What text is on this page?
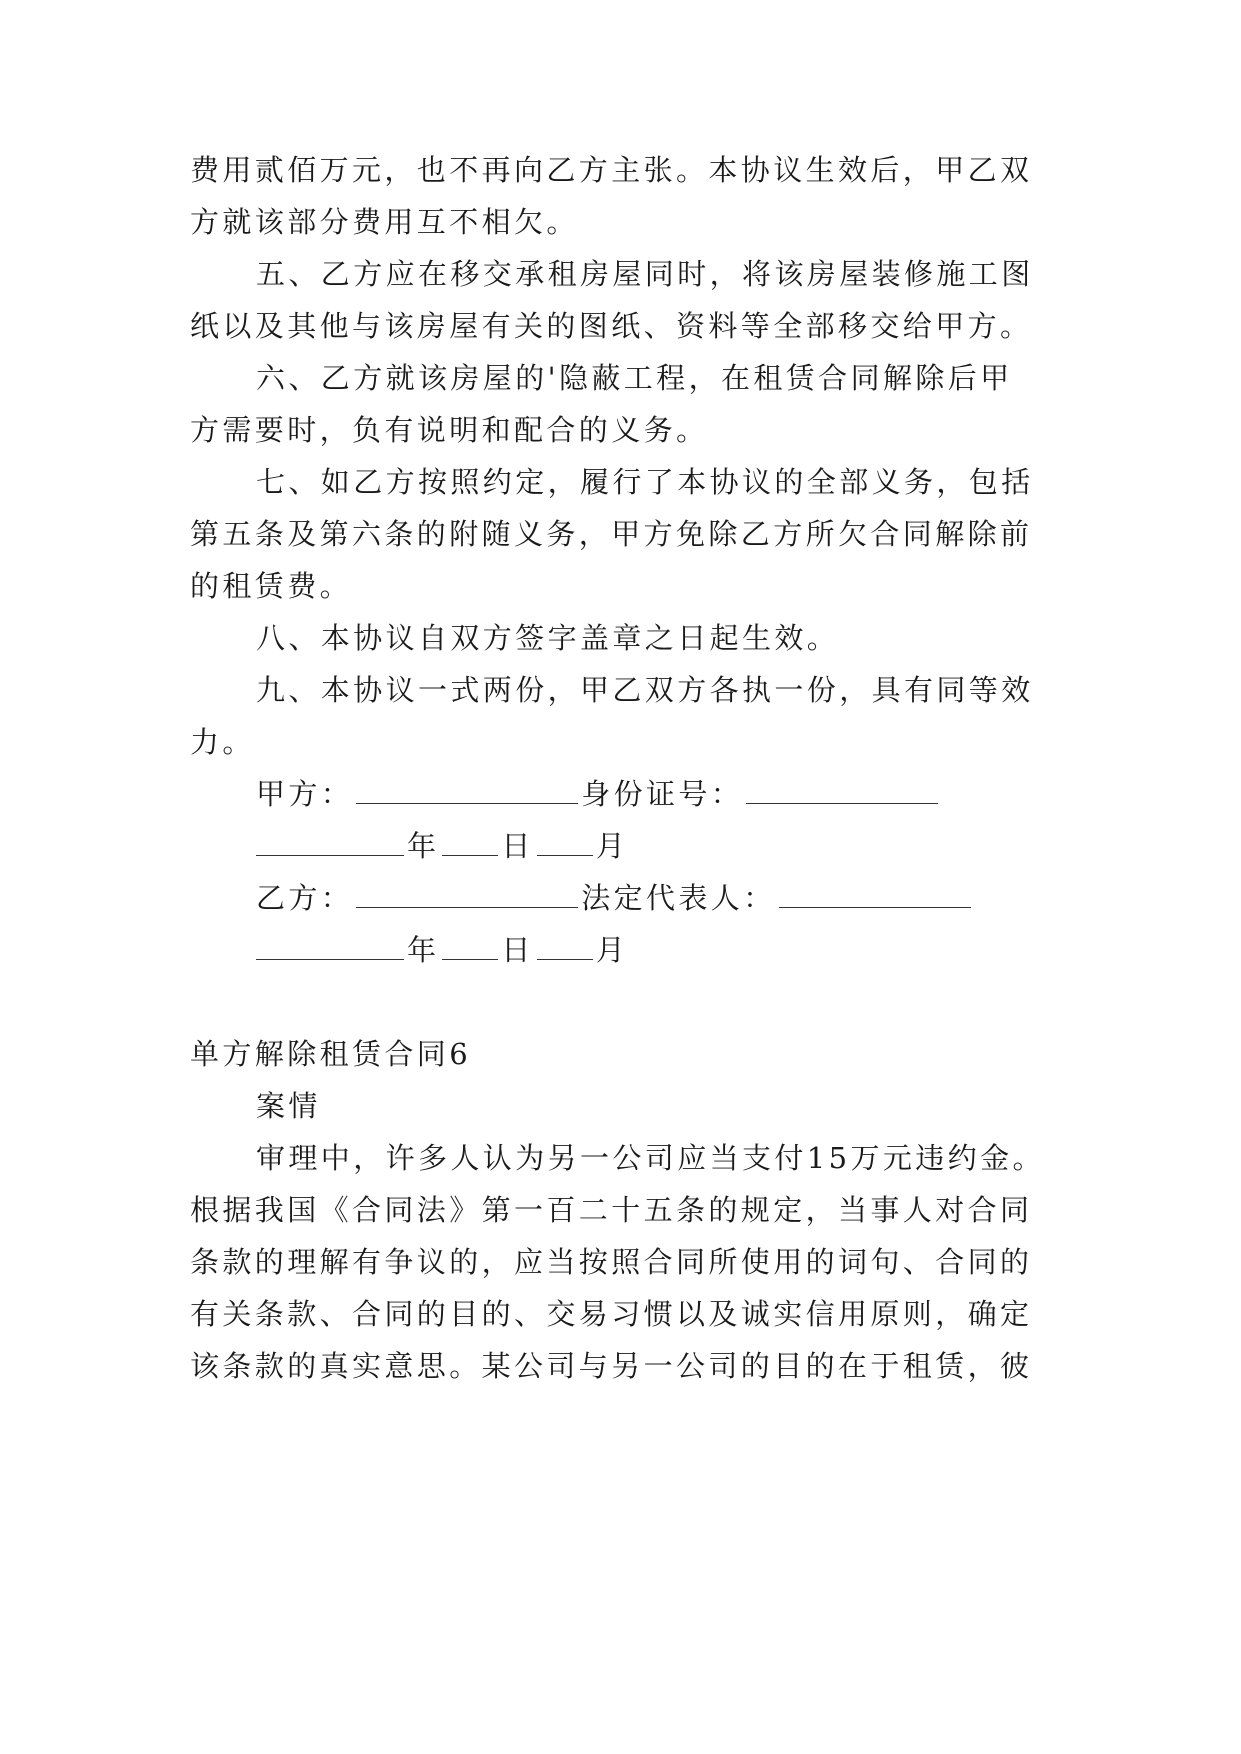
费用贰佰万元，也不再向乙方主张。本协议生效后，甲乙双
方就该部分费用互不相欠。
五、乙方应在移交承租房屋同时，将该房屋装修施工图
纸以及其他与该房屋有关的图纸、资料等全部移交给甲方。
六、乙方就该房屋的'隐蔽工程，在租赁合同解除后甲
方需要时，负有说明和配合的义务。
七、如乙方按照约定，履行了本协议的全部义务，包括
第五条及第六条的附随义务，甲方免除乙方所欠合同解除前
的租赁费。
八、本协议自双方签字盖章之日起生效。
九、本协议一式两份，甲乙双方各执一份，具有同等效
力。
甲方：	身份证号：
年 日 月
乙方：	法定代表人：
年 日 月
单方解除租赁合同6
案情
审理中，许多人认为另一公司应当支付15万元违约金。
根据我国《合同法》第一百二十五条的规定，当事人对合同
条款的理解有争议的，应当按照合同所使用的词句、合同的
有关条款、合同的目的、交易习惯以及诚实信用原则，确定
该条款的真实意思。某公司与另一公司的目的在于租赁，彼
